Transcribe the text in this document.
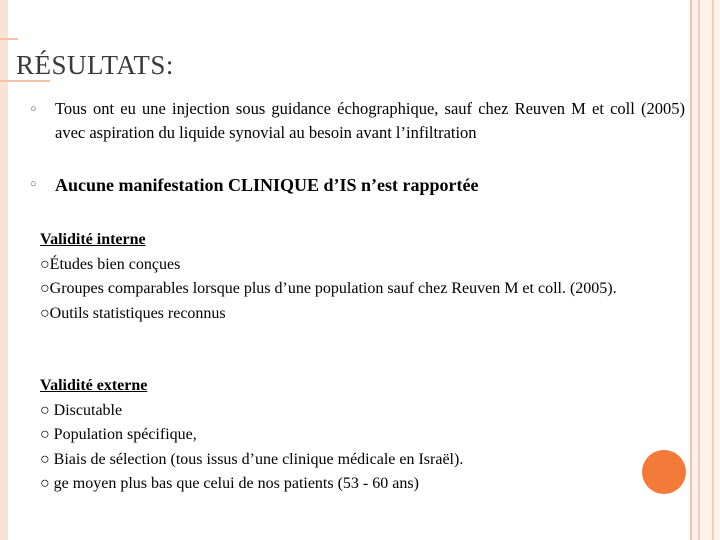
RÉSULTATS:
○	Tous ont eu une injection sous guidance échographique, sauf chez Reuven M et coll (2005) avec aspiration du liquide synovial au besoin avant l’infiltration
○	Aucune manifestation CLINIQUE d’IS n’est rapportée
Validité interne
○Études bien conçues
○Groupes comparables lorsque plus d’une population sauf chez Reuven M et coll. (2005).
○Outils statistiques reconnus
Validité externe
○ Discutable
○ Population spécifique,
○ Biais de sélection (tous issus d’une clinique médicale en Israël).
○ ge moyen plus bas que celui de nos patients (53 - 60 ans)
